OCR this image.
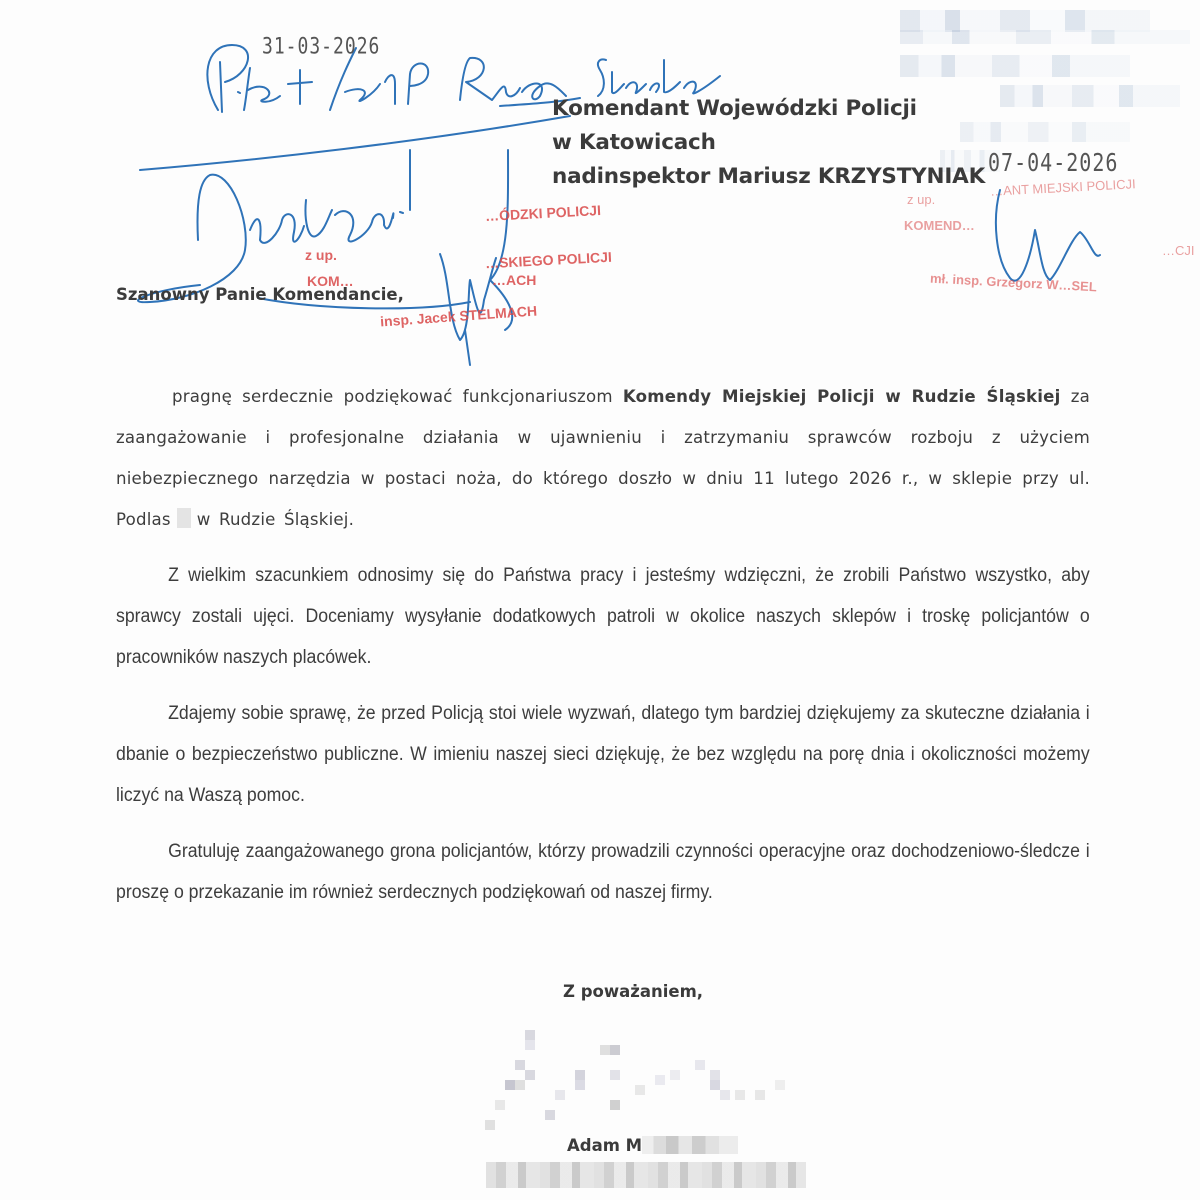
31-03-2026
07-04-2026
…ÓDZKI POLICJI
z up.
KOM…
…SKIEGO POLICJI
…ACH
insp. Jacek STELMACH
…ANT MIEJSKI POLICJI
z up.
KOMEND…
…CJI
mł. insp. Grzegorz W…SEL
Komendant Wojewódzki Policji
w Katowicach
nadinspektor Mariusz KRZYSTYNIAK
Szanowny Panie Komendancie,
pragnę serdecznie podziękować funkcjonariuszom Komendy Miejskiej Policji w Rudzie Śląskiej za zaangażowanie i profesjonalne działania w ujawnieniu i zatrzymaniu sprawców rozboju z użyciem niebezpiecznego narzędzia w postaci noża, do którego doszło w dniu 11 lutego 2026 r., w sklepie przy ul. Podlas w Rudzie Śląskiej.
Z wielkim szacunkiem odnosimy się do Państwa pracy i jesteśmy wdzięczni, że zrobili Państwo wszystko, aby sprawcy zostali ujęci. Doceniamy wysyłanie dodatkowych patroli w okolice naszych sklepów i troskę policjantów o pracowników naszych placówek.
Zdajemy sobie sprawę, że przed Policją stoi wiele wyzwań, dlatego tym bardziej dziękujemy za skuteczne działania i dbanie o bezpieczeństwo publiczne. W imieniu naszej sieci dziękuję, że bez względu na porę dnia i okoliczności możemy liczyć na Waszą pomoc.
Gratuluję zaangażowanego grona policjantów, którzy prowadzili czynności operacyjne oraz dochodzeniowo-śledcze i proszę o przekazanie im również serdecznych podziękowań od naszej firmy.
Z poważaniem,
Adam M
